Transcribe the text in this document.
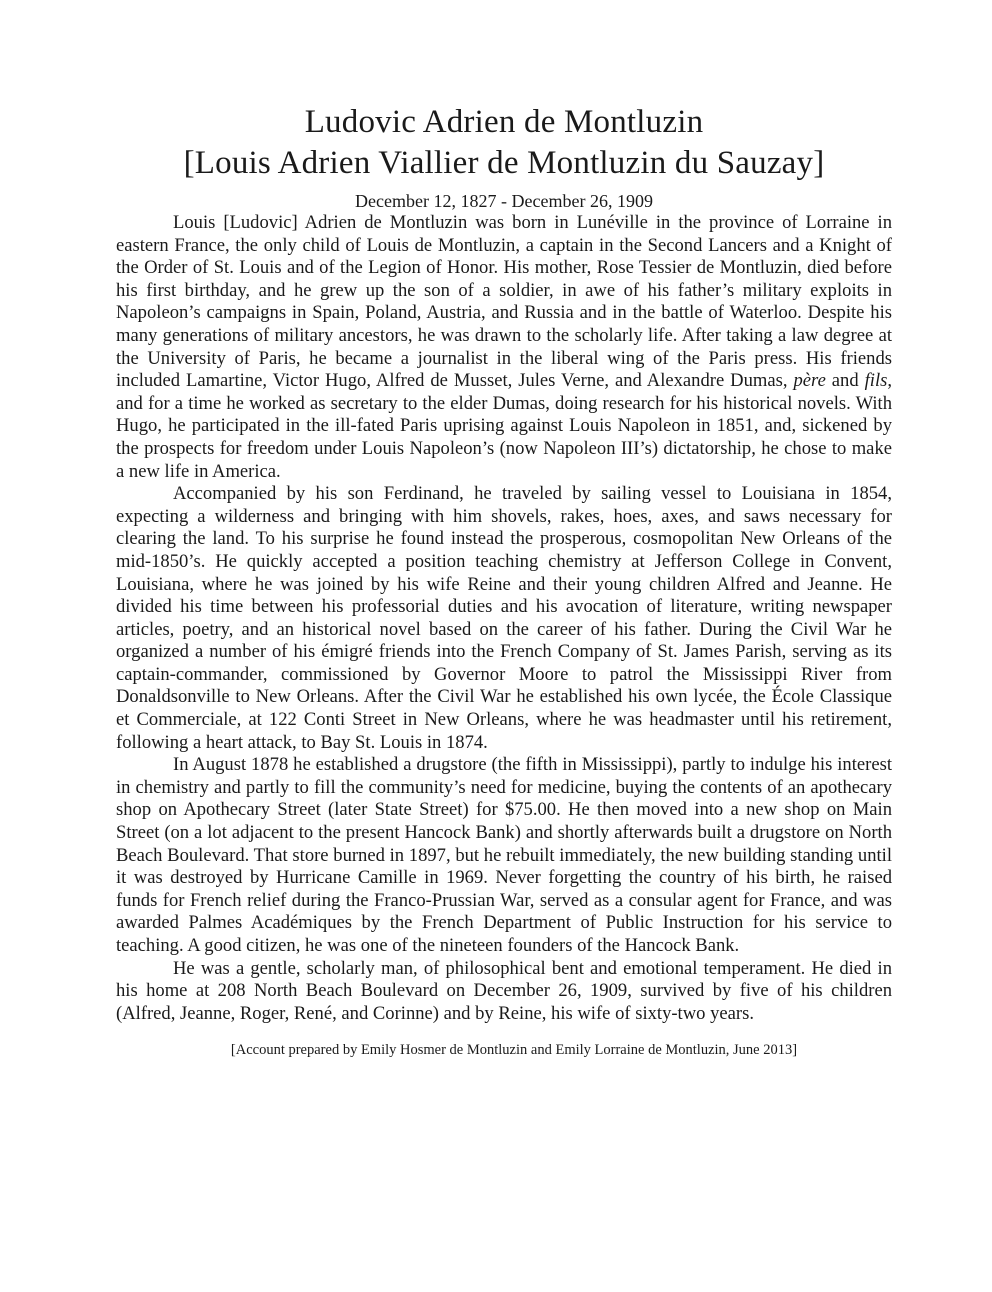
Ludovic Adrien de Montluzin
[Louis Adrien Viallier de Montluzin du Sauzay]
December 12, 1827 - December 26, 1909

Louis [Ludovic] Adrien de Montluzin was born in Lunéville in the province of Lorraine in eastern France, the only child of Louis de Montluzin, a captain in the Second Lancers and a Knight of the Order of St. Louis and of the Legion of Honor. His mother, Rose Tessier de Montluzin, died before his first birthday, and he grew up the son of a soldier, in awe of his father’s military exploits in Napoleon’s campaigns in Spain, Poland, Austria, and Russia and in the battle of Waterloo. Despite his many generations of military ancestors, he was drawn to the scholarly life. After taking a law degree at the University of Paris, he became a journalist in the liberal wing of the Paris press. His friends included Lamartine, Victor Hugo, Alfred de Musset, Jules Verne, and Alexandre Dumas, père and fils, and for a time he worked as secretary to the elder Dumas, doing research for his historical novels. With Hugo, he participated in the ill-fated Paris uprising against Louis Napoleon in 1851, and, sickened by the prospects for freedom under Louis Napoleon’s (now Napoleon III’s) dictatorship, he chose to make a new life in America.

Accompanied by his son Ferdinand, he traveled by sailing vessel to Louisiana in 1854, expecting a wilderness and bringing with him shovels, rakes, hoes, axes, and saws necessary for clearing the land. To his surprise he found instead the prosperous, cosmopolitan New Orleans of the mid-1850’s. He quickly accepted a position teaching chemistry at Jefferson College in Convent, Louisiana, where he was joined by his wife Reine and their young children Alfred and Jeanne. He divided his time between his professorial duties and his avocation of literature, writing newspaper articles, poetry, and an historical novel based on the career of his father. During the Civil War he organized a number of his émigré friends into the French Company of St. James Parish, serving as its captain-commander, commissioned by Governor Moore to patrol the Mississippi River from Donaldsonville to New Orleans. After the Civil War he established his own lycée, the École Classique et Commerciale, at 122 Conti Street in New Orleans, where he was headmaster until his retirement, following a heart attack, to Bay St. Louis in 1874.

In August 1878 he established a drugstore (the fifth in Mississippi), partly to indulge his interest in chemistry and partly to fill the community’s need for medicine, buying the contents of an apothecary shop on Apothecary Street (later State Street) for $75.00. He then moved into a new shop on Main Street (on a lot adjacent to the present Hancock Bank) and shortly afterwards built a drugstore on North Beach Boulevard. That store burned in 1897, but he rebuilt immediately, the new building standing until it was destroyed by Hurricane Camille in 1969. Never forgetting the country of his birth, he raised funds for French relief during the Franco-Prussian War, served as a consular agent for France, and was awarded Palmes Académiques by the French Department of Public Instruction for his service to teaching. A good citizen, he was one of the nineteen founders of the Hancock Bank.

He was a gentle, scholarly man, of philosophical bent and emotional temperament. He died in his home at 208 North Beach Boulevard on December 26, 1909, survived by five of his children (Alfred, Jeanne, Roger, René, and Corinne) and by Reine, his wife of sixty-two years.

[Account prepared by Emily Hosmer de Montluzin and Emily Lorraine de Montluzin, June 2013]
